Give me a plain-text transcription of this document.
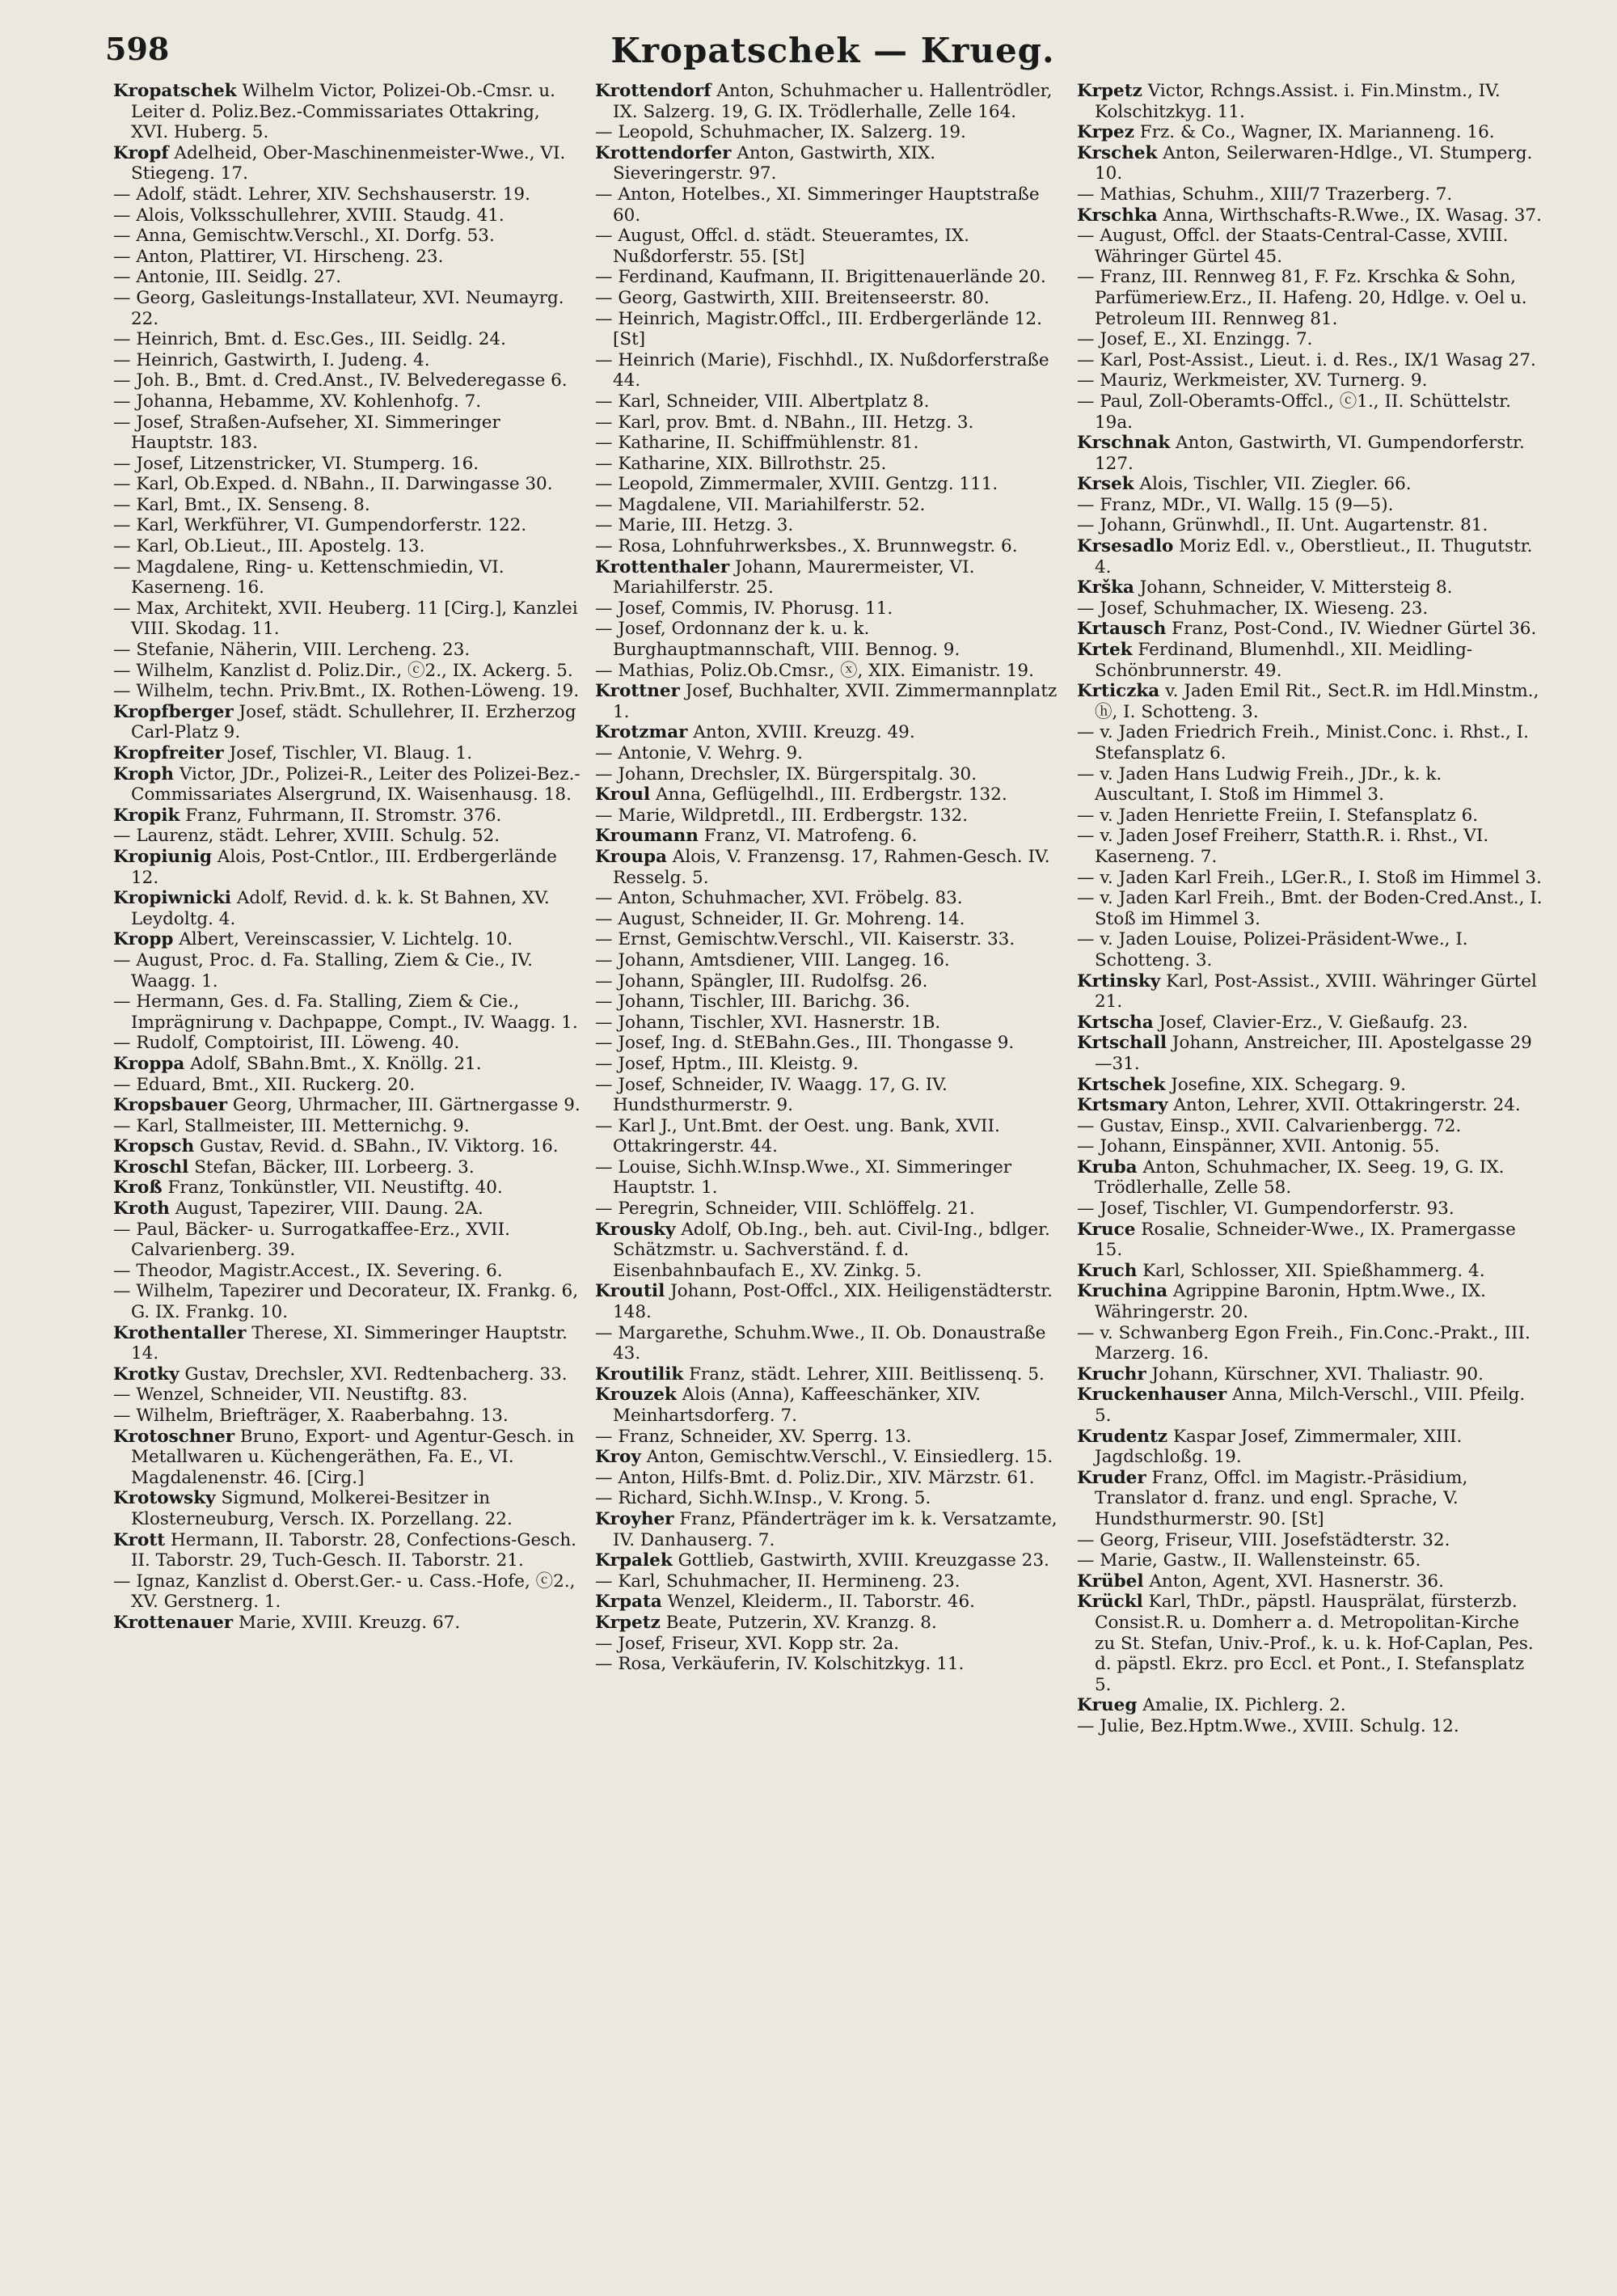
598	Kropatschek — Krueg.

Kropatschek Wilhelm Victor, Polizei-Ob.-Cmsr. u. Leiter d. Poliz.Bez.-Commissariates Ottakring, XVI. Huberg. 5.

Kropf Adelheid, Ober-Maschinenmeister-Wwe., VI. Stiegeng. 17.

— Adolf, städt. Lehrer, XIV. Sechshauserstr. 19.

— Alois, Volksschullehrer, XVIII. Staudg. 41.

— Anna, Gemischtw.Verschl., XI. Dorfg. 53.

— Anton, Plattirer, VI. Hirscheng. 23.

— Antonie, III. Seidlg. 27.

— Georg, Gasleitungs-Installateur, XVI. Neumayrg. 22.

— Heinrich, Bmt. d. Esc.Ges., III. Seidlg. 24.

— Heinrich, Gastwirth, I. Judeng. 4.

— Joh. B., Bmt. d. Cred.Anst., IV. Belvederegasse 6.

— Johanna, Hebamme, XV. Kohlenhofg. 7.

— Josef, Straßen-Aufseher, XI. Simmeringer Hauptstr. 183.

— Josef, Litzenstricker, VI. Stumperg. 16.

— Karl, Ob.Exped. d. NBahn., II. Darwingasse 30.

— Karl, Bmt., IX. Senseng. 8.

— Karl, Werkführer, VI. Gumpendorferstr. 122.

— Karl, Ob.Lieut., III. Apostelg. 13.

— Magdalene, Ring- u. Kettenschmiedin, VI. Kaserneng. 16.

— Max, Architekt, XVII. Heuberg. 11 [Cirg.], Kanzlei VIII. Skodag. 11.

— Stefanie, Näherin, VIII. Lercheng. 23.

— Wilhelm, Kanzlist d. Poliz.Dir., ⓒ2., IX. Ackerg. 5.

— Wilhelm, techn. Priv.Bmt., IX. Rothen-Löweng. 19.

Kropfberger Josef, städt. Schullehrer, II. Erzherzog Carl-Platz 9.

Kropfreiter Josef, Tischler, VI. Blaug. 1.

Kroph Victor, JDr., Polizei-R., Leiter des Polizei-Bez.-Commissariates Alsergrund, IX. Waisenhausg. 18.

Kropik Franz, Fuhrmann, II. Stromstr. 376.

— Laurenz, städt. Lehrer, XVIII. Schulg. 52.

Kropiunig Alois, Post-Cntlor., III. Erdbergerlände 12.

Kropiwnicki Adolf, Revid. d. k. k. St Bahnen, XV. Leydoltg. 4.

Kropp Albert, Vereinscassier, V. Lichtelg. 10.

— August, Proc. d. Fa. Stalling, Ziem & Cie., IV. Waagg. 1.

— Hermann, Ges. d. Fa. Stalling, Ziem & Cie., Imprägnirung v. Dachpappe, Compt., IV. Waagg. 1.

— Rudolf, Comptoirist, III. Löweng. 40.

Kroppa Adolf, SBahn.Bmt., X. Knöllg. 21.

— Eduard, Bmt., XII. Ruckerg. 20.

Kropsbauer Georg, Uhrmacher, III. Gärtnergasse 9.

— Karl, Stallmeister, III. Metternichg. 9.

Kropsch Gustav, Revid. d. SBahn., IV. Viktorg. 16.

Kroschl Stefan, Bäcker, III. Lorbeerg. 3.

Kroß Franz, Tonkünstler, VII. Neustiftg. 40.

Kroth August, Tapezirer, VIII. Daung. 2A.

— Paul, Bäcker- u. Surrogatkaffee-Erz., XVII. Calvarienberg. 39.

— Theodor, Magistr.Accest., IX. Severing. 6.

— Wilhelm, Tapezirer und Decorateur, IX. Frankg. 6, G. IX. Frankg. 10.

Krothentaller Therese, XI. Simmeringer Hauptstr. 14.

Krotky Gustav, Drechsler, XVI. Redtenbacherg. 33.

— Wenzel, Schneider, VII. Neustiftg. 83.

— Wilhelm, Briefträger, X. Raaberbahng. 13.

Krotoschner Bruno, Export- und Agentur-Gesch. in Metallwaren u. Küchengeräthen, Fa. E., VI. Magdalenenstr. 46. [Cirg.]

Krotowsky Sigmund, Molkerei-Besitzer in Klosterneuburg, Versch. IX. Porzellang. 22.

Krott Hermann, II. Taborstr. 28, Confections-Gesch. II. Taborstr. 29, Tuch-Gesch. II. Taborstr. 21.

— Ignaz, Kanzlist d. Oberst.Ger.- u. Cass.-Hofe, ⓒ2., XV. Gerstnerg. 1.

Krottenauer Marie, XVIII. Kreuzg. 67.

Krottendorf Anton, Schuhmacher u. Hallentrödler, IX. Salzerg. 19, G. IX. Trödlerhalle, Zelle 164.

— Leopold, Schuhmacher, IX. Salzerg. 19.

Krottendorfer Anton, Gastwirth, XIX. Sieveringerstr. 97.

— Anton, Hotelbes., XI. Simmeringer Hauptstraße 60.

— August, Offcl. d. städt. Steueramtes, IX. Nußdorferstr. 55. [St]

— Ferdinand, Kaufmann, II. Brigittenauerlände 20.

— Georg, Gastwirth, XIII. Breitenseerstr. 80.

— Heinrich, Magistr.Offcl., III. Erdbergerlände 12. [St]

— Heinrich (Marie), Fischhdl., IX. Nußdorferstraße 44.

— Karl, Schneider, VIII. Albertplatz 8.

— Karl, prov. Bmt. d. NBahn., III. Hetzg. 3.

— Katharine, II. Schiffmühlenstr. 81.

— Katharine, XIX. Billrothstr. 25.

— Leopold, Zimmermaler, XVIII. Gentzg. 111.

— Magdalene, VII. Mariahilferstr. 52.

— Marie, III. Hetzg. 3.

— Rosa, Lohnfuhrwerksbes., X. Brunnwegstr. 6.

Krottenthaler Johann, Maurermeister, VI. Mariahilferstr. 25.

— Josef, Commis, IV. Phorusg. 11.

— Josef, Ordonnanz der k. u. k. Burghauptmannschaft, VIII. Bennog. 9.

— Mathias, Poliz.Ob.Cmsr., ⓧ, XIX. Eimanistr. 19.

Krottner Josef, Buchhalter, XVII. Zimmermannplatz 1.

Krotzmar Anton, XVIII. Kreuzg. 49.

— Antonie, V. Wehrg. 9.

— Johann, Drechsler, IX. Bürgerspitalg. 30.

Kroul Anna, Geflügelhdl., III. Erdbergstr. 132.

— Marie, Wildpretdl., III. Erdbergstr. 132.

Kroumann Franz, VI. Matrofeng. 6.

Kroupa Alois, V. Franzensg. 17, Rahmen-Gesch. IV. Resselg. 5.

— Anton, Schuhmacher, XVI. Fröbelg. 83.

— August, Schneider, II. Gr. Mohreng. 14.

— Ernst, Gemischtw.Verschl., VII. Kaiserstr. 33.

— Johann, Amtsdiener, VIII. Langeg. 16.

— Johann, Spängler, III. Rudolfsg. 26.

— Johann, Tischler, III. Barichg. 36.

— Johann, Tischler, XVI. Hasnerstr. 1B.

— Josef, Ing. d. StEBahn.Ges., III. Thongasse 9.

— Josef, Hptm., III. Kleistg. 9.

— Josef, Schneider, IV. Waagg. 17, G. IV. Hundsthurmerstr. 9.

— Karl J., Unt.Bmt. der Oest. ung. Bank, XVII. Ottakringerstr. 44.

— Louise, Sichh.W.Insp.Wwe., XI. Simmeringer Hauptstr. 1.

— Peregrin, Schneider, VIII. Schlöffelg. 21.

Krousky Adolf, Ob.Ing., beh. aut. Civil-Ing., bdlger. Schätzmstr. u. Sachverständ. f. d. Eisenbahnbaufach E., XV. Zinkg. 5.

Kroutil Johann, Post-Offcl., XIX. Heiligenstädterstr. 148.

— Margarethe, Schuhm.Wwe., II. Ob. Donaustraße 43.

Kroutilik Franz, städt. Lehrer, XIII. Beitlissenq. 5.

Krouzek Alois (Anna), Kaffeeschänker, XIV. Meinhartsdorferg. 7.

— Franz, Schneider, XV. Sperrg. 13.

Kroy Anton, Gemischtw.Verschl., V. Einsiedlerg. 15.

— Anton, Hilfs-Bmt. d. Poliz.Dir., XIV. Märzstr. 61.

— Richard, Sichh.W.Insp., V. Krong. 5.

Kroyher Franz, Pfänderträger im k. k. Versatzamte, IV. Danhauserg. 7.

Krpalek Gottlieb, Gastwirth, XVIII. Kreuzgasse 23.

— Karl, Schuhmacher, II. Hermineng. 23.

Krpata Wenzel, Kleiderm., II. Taborstr. 46.

Krpetz Beate, Putzerin, XV. Kranzg. 8.

— Josef, Friseur, XVI. Kopp str. 2a.

— Rosa, Verkäuferin, IV. Kolschitzkyg. 11.

Krpetz Victor, Rchngs.Assist. i. Fin.Minstm., IV. Kolschitzkyg. 11.

Krpez Frz. & Co., Wagner, IX. Marianneng. 16.

Krschek Anton, Seilerwaren-Hdlge., VI. Stumperg. 10.

— Mathias, Schuhm., XIII/7 Trazerberg. 7.

Krschka Anna, Wirthschafts-R.Wwe., IX. Wasag. 37.

— August, Offcl. der Staats-Central-Casse, XVIII. Währinger Gürtel 45.

— Franz, III. Rennweg 81, F. Fz. Krschka & Sohn, Parfümeriew.Erz., II. Hafeng. 20, Hdlge. v. Oel u. Petroleum III. Rennweg 81.

— Josef, E., XI. Enzingg. 7.

— Karl, Post-Assist., Lieut. i. d. Res., IX/1 Wasag 27.

— Mauriz, Werkmeister, XV. Turnerg. 9.

— Paul, Zoll-Oberamts-Offcl., ⓒ1., II. Schüttelstr. 19a.

Krschnak Anton, Gastwirth, VI. Gumpendorferstr. 127.

Krsek Alois, Tischler, VII. Ziegler. 66.

— Franz, MDr., VI. Wallg. 15 (9—5).

— Johann, Grünwhdl., II. Unt. Augartenstr. 81.

Krsesadlo Moriz Edl. v., Oberstlieut., II. Thugutstr. 4.

Krška Johann, Schneider, V. Mittersteig 8.

— Josef, Schuhmacher, IX. Wieseng. 23.

Krtausch Franz, Post-Cond., IV. Wiedner Gürtel 36.

Krtek Ferdinand, Blumenhdl., XII. Meidling-Schönbrunnerstr. 49.

Krticzka v. Jaden Emil Rit., Sect.R. im Hdl.Minstm., ⓗ, I. Schotteng. 3.

— v. Jaden Friedrich Freih., Minist.Conc. i. Rhst., I. Stefansplatz 6.

— v. Jaden Hans Ludwig Freih., JDr., k. k. Auscultant, I. Stoß im Himmel 3.

— v. Jaden Henriette Freiin, I. Stefansplatz 6.

— v. Jaden Josef Freiherr, Statth.R. i. Rhst., VI. Kaserneng. 7.

— v. Jaden Karl Freih., LGer.R., I. Stoß im Himmel 3.

— v. Jaden Karl Freih., Bmt. der Boden-Cred.Anst., I. Stoß im Himmel 3.

— v. Jaden Louise, Polizei-Präsident-Wwe., I. Schotteng. 3.

Krtinsky Karl, Post-Assist., XVIII. Währinger Gürtel 21.

Krtscha Josef, Clavier-Erz., V. Gießaufg. 23.

Krtschall Johann, Anstreicher, III. Apostelgasse 29—31.

Krtschek Josefine, XIX. Schegarg. 9.

Krtsmary Anton, Lehrer, XVII. Ottakringerstr. 24.

— Gustav, Einsp., XVII. Calvarienbergg. 72.

— Johann, Einspänner, XVII. Antonig. 55.

Kruba Anton, Schuhmacher, IX. Seeg. 19, G. IX. Trödlerhalle, Zelle 58.

— Josef, Tischler, VI. Gumpendorferstr. 93.

Kruce Rosalie, Schneider-Wwe., IX. Pramergasse 15.

Kruch Karl, Schlosser, XII. Spießhammerg. 4.

Kruchina Agrippine Baronin, Hptm.Wwe., IX. Währingerstr. 20.

— v. Schwanberg Egon Freih., Fin.Conc.-Prakt., III. Marzerg. 16.

Kruchr Johann, Kürschner, XVI. Thaliastr. 90.

Kruckenhauser Anna, Milch-Verschl., VIII. Pfeilg. 5.

Krudentz Kaspar Josef, Zimmermaler, XIII. Jagdschloßg. 19.

Kruder Franz, Offcl. im Magistr.-Präsidium, Translator d. franz. und engl. Sprache, V. Hundsthurmerstr. 90. [St]

— Georg, Friseur, VIII. Josefstädterstr. 32.

— Marie, Gastw., II. Wallensteinstr. 65.

Krübel Anton, Agent, XVI. Hasnerstr. 36.

Krückl Karl, ThDr., päpstl. Hausprälat, fürsterzb. Consist.R. u. Domherr a. d. Metropolitan-Kirche zu St. Stefan, Univ.-Prof., k. u. k. Hof-Caplan, Pes. d. päpstl. Ekrz. pro Eccl. et Pont., I. Stefansplatz 5.

Krueg Amalie, IX. Pichlerg. 2.

— Julie, Bez.Hptm.Wwe., XVIII. Schulg. 12.
